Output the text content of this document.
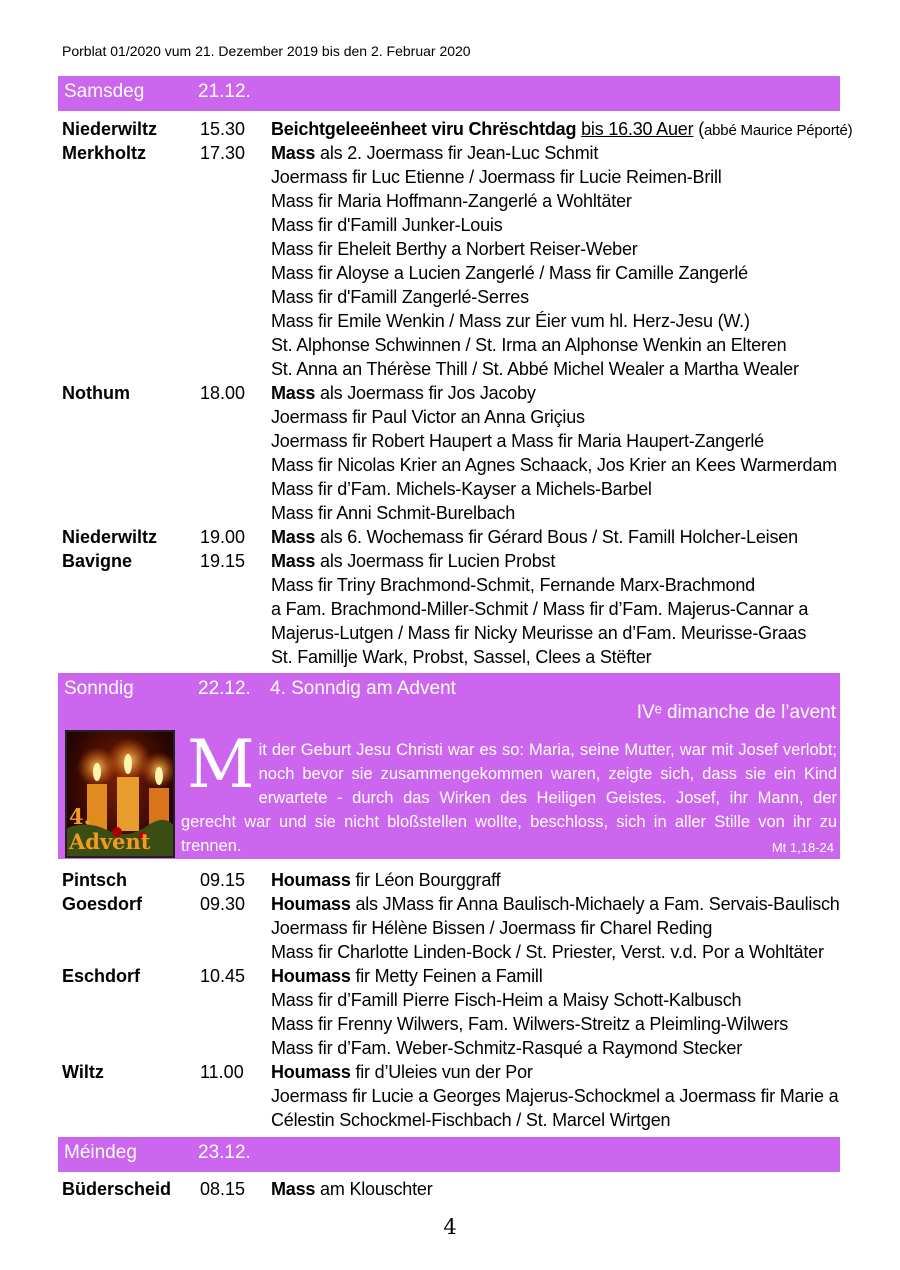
Porblat 01/2020 vum 21. Dezember 2019 bis den 2. Februar 2020
Samsdeg	21.12.
Niederwiltz 15.30 Beichtgeleeënheet viru Chrëschtdag bis 16.30 Auer (abbé Maurice Péporté)
Merkholtz	17.30 Mass als 2. Joermass fir Jean-Luc Schmit
Joermass fir Luc Etienne / Joermass fir Lucie Reimen-Brill
Mass fir Maria Hoffmann-Zangerlé a Wohltäter
Mass fir d'Famill Junker-Louis
Mass fir Eheleit Berthy a Norbert Reiser-Weber
Mass fir Aloyse a Lucien Zangerlé / Mass fir Camille Zangerlé
Mass fir d'Famill Zangerlé-Serres
Mass fir Emile Wenkin / Mass zur Éier vum hl. Herz-Jesu (W.)
St. Alphonse Schwinnen / St. Irma an Alphonse Wenkin an Elteren
St. Anna an Thérèse Thill / St. Abbé Michel Wealer a Martha Wealer
Nothum	18.00 Mass als Joermass fir Jos Jacoby
Joermass fir Paul Victor an Anna Griçius
Joermass fir Robert Haupert a Mass fir Maria Haupert-Zangerlé
Mass fir Nicolas Krier an Agnes Schaack, Jos Krier an Kees Warmerdam
Mass fir d’Fam. Michels-Kayser a Michels-Barbel
Mass fir Anni Schmit-Burelbach
Niederwiltz 19.00 Mass als 6. Wochemass fir Gérard Bous / St. Famill Holcher-Leisen
Bavigne	19.15 Mass als Joermass fir Lucien Probst
Mass fir Triny Brachmond-Schmit, Fernande Marx-Brachmond
a Fam. Brachmond-Miller-Schmit / Mass fir d’Fam. Majerus-Cannar a
Majerus-Lutgen / Mass fir Nicky Meurisse an d’Fam. Meurisse-Graas
St. Famillje Wark, Probst, Sassel, Clees a Stëfter
Sonndig	22.12. 4. Sonndig am Advent
IVᵉ dimanche de l’avent
4. Advent
Mit der Geburt Jesu Christi war es so: Maria, seine Mutter, war mit Josef verlobt; noch bevor sie zusammengekommen waren, zeigte sich, dass sie ein Kind erwartete - durch das Wirken des Heiligen Geistes. Josef, ihr Mann, der gerecht war und sie nicht bloßstellen wollte, beschloss, sich in aller Stille von ihr zu trennen.	Mt 1,18-24
Pintsch	09.15 Houmass fir Léon Bourggraff
Goesdorf	09.30 Houmass als JMass fir Anna Baulisch-Michaely a Fam. Servais-Baulisch
Joermass fir Hélène Bissen / Joermass fir Charel Reding
Mass fir Charlotte Linden-Bock / St. Priester, Verst. v.d. Por a Wohltäter
Eschdorf	10.45 Houmass fir Metty Feinen a Famill
Mass fir d’Famill Pierre Fisch-Heim a Maisy Schott-Kalbusch
Mass fir Frenny Wilwers, Fam. Wilwers-Streitz a Pleimling-Wilwers
Mass fir d’Fam. Weber-Schmitz-Rasqué a Raymond Stecker
Wiltz	11.00 Houmass fir d’Uleies vun der Por
Joermass fir Lucie a Georges Majerus-Schockmel a Joermass fir Marie a
Célestin Schockmel-Fischbach / St. Marcel Wirtgen
Méindeg	23.12.
Büderscheid 08.15 Mass am Klouschter
4
